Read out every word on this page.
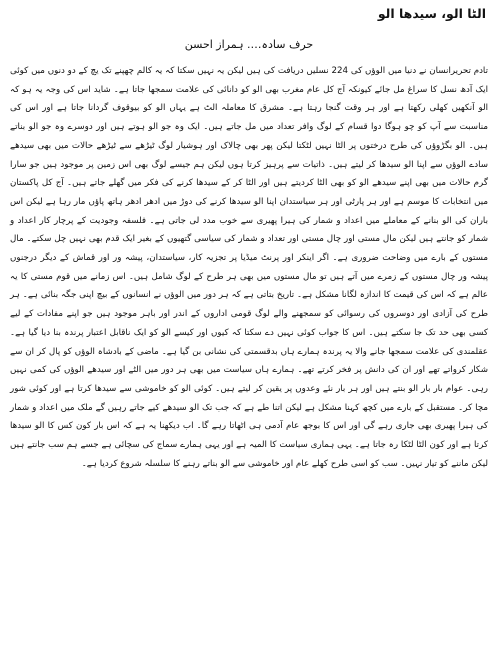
الٹا الو، سیدھا الو
حرف سادہ…. ہمراز احسن

تادم تحریرانسان نے دنیا میں الوؤں کی 224 نسلیں دریافت کی ہیں لیکن یہ نہیں سکتا کہ یہ کالم چھپنے تک یچ کے دو دنوں میں کوئی ایک آدھ نسل کا سراغ مل جائے کیونکہ آج کل عام مغرب بھی الو کو دانائی کی علامت سمجھا جاتا ہے۔ شاید اس کی وجہ یہ ہو کہ الو آنکھیں کھلی رکھتا ہے اور ہر وقت گنجا رہتا ہے۔ مشرق کا معاملہ الٹ ہے یہاں الو کو بیوقوف گردانا جاتا ہے اور اس کی مناسبت سے آپ کو چو ہوگا دوا قسام کے لوگ وافر تعداد میں مل جاتے ہیں۔ ایک وہ جو الو ہوتے ہیں اور دوسرے وہ جو الو بناتے ہیں۔ الو بگڑوؤں کی طرح درختوں پر الٹا نہیں لٹکتا لیکن پھر بھی چالاک اور ہوشیار لوگ ٹیڑھے سے ٹیڑھے حالات میں بھی سیدھے سادے الوؤں سے اپنا الو سیدھا کر لیتے ہیں۔ ذاتیات سے پرہیز کرتا ہوں لیکن ہم جیسے لوگ بھی اس زمین پر موجود ہیں جو سارا گرم حالات میں بھی اپنے سیدھے الو کو بھی الٹا کردیتے ہیں اور الٹا کر کے سیدھا کرنے کی فکر میں گھلے جاتے ہیں۔ آج کل پاکستان میں انتخابات کا موسم ہے اور ہر پارٹی اور ہر سیاستدان اپنا الو سیدھا کرنے کی دوڑ میں ادھر ادھر ہاتھ پاؤں مار رہا ہے لیکن اس باران کی الو بنانے کے معاملے میں اعداد و شمار کی ہیرا پھیری سے خوب مدد لی جاتی ہے۔ فلسفہ وجودیت کے پرچار کار اعداد و شمار کو جانتے ہیں لیکن مال مستی اور چال مستی اور تعداد و شمار کی سیاسی گتھیوں کے بغیر ایک قدم بھی نہیں چل سکتے۔ مال مستوں کے بارے میں وضاحت ضروری ہے۔ اگر اینکر اور پرنٹ میڈیا پر تجزیہ کار، سیاستدان، پیشہ ور اور قماش کے دیگر درجنوں پیشہ ور چال مستوں کے زمرے میں آتے ہیں تو مال مستوں میں بھی ہر طرح کے لوگ شامل ہیں۔ اس زمانے میں قوم مستی کا یہ عالم ہے کہ اس کی قیمت کا اندازہ لگانا مشکل ہے۔ تاریخ بتاتی ہے کہ ہر دور میں الوؤں نے انسانوں کے بیچ اپنی جگہ بنائی ہے۔ ہر طرح کی آزادی اور دوسروں کی رسوائی کو سمجھنے والے لوگ قومی اداروں کے اندر اور باہر موجود ہیں جو اپنے مفادات کے لیے کسی بھی حد تک جا سکتے ہیں۔ اس کا جواب کوئی نہیں دے سکتا کہ کیوں اور کیسے الو کو ایک ناقابل اعتبار پرندہ بنا دیا گیا ہے۔ عقلمندی کی علامت سمجھا جانے والا یہ پرندہ ہمارے ہاں بدقسمتی کی نشانی بن گیا ہے۔ ماضی کے بادشاہ الوؤں کو پال کر ان سے شکار کرواتے تھے اور ان کی دانش پر فخر کرتے تھے۔ ہمارے ہاں سیاست میں بھی ہر دور میں الٹے اور سیدھے الوؤں کی کمی نہیں رہی۔ عوام بار بار الو بنتے ہیں اور ہر بار نئے وعدوں پر یقین کر لیتے ہیں۔ کوئی الو کو خاموشی سے سیدھا کرتا ہے اور کوئی شور مچا کر۔ مستقبل کے بارے میں کچھ کہنا مشکل ہے لیکن اتنا طے ہے کہ جب تک الو سیدھے کیے جاتے رہیں گے ملک میں اعداد و شمار کی ہیرا پھیری بھی جاری رہے گی اور اس کا بوجھ عام آدمی ہی اٹھاتا رہے گا۔ اب دیکھنا یہ ہے کہ اس بار کون کس کا الو سیدھا کرتا ہے اور کون الٹا لٹکا رہ جاتا ہے۔ یہی ہماری سیاست کا المیہ ہے اور یہی ہمارے سماج کی سچائی ہے جسے ہم سب جانتے ہیں لیکن ماننے کو تیار نہیں۔ سب کو اسی طرح کھلے عام اور خاموشی سے الو بناتے رہنے کا سلسلہ شروع کردیا ہے۔
